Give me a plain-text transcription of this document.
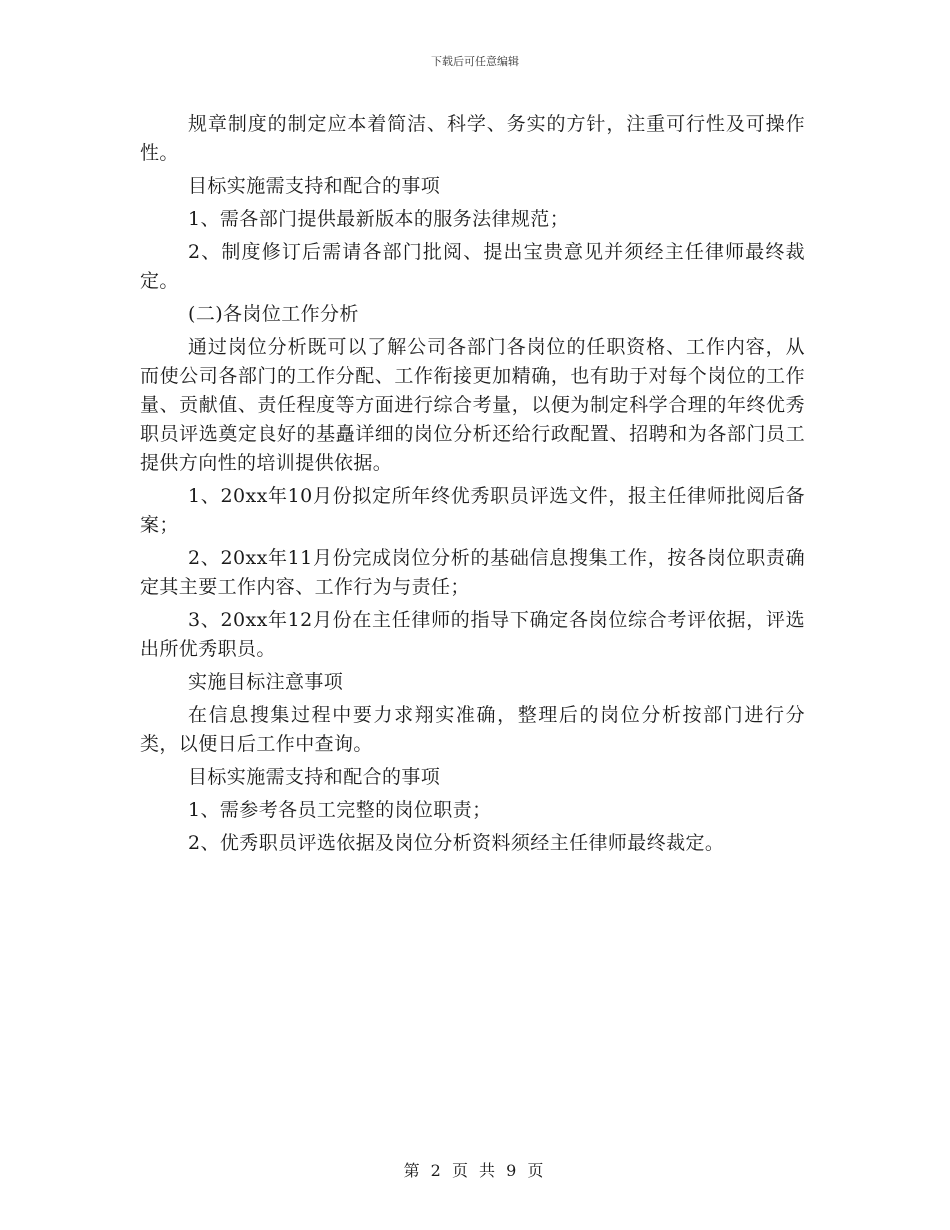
下载后可任意编辑

规章制度的制定应本着简洁、科学、务实的方针，注重可行性及可操作性。

目标实施需支持和配合的事项

1、需各部门提供最新版本的服务法律规范；

2、制度修订后需请各部门批阅、提出宝贵意见并须经主任律师最终裁定。

(二)各岗位工作分析

通过岗位分析既可以了解公司各部门各岗位的任职资格、工作内容，从而使公司各部门的工作分配、工作衔接更加精确，也有助于对每个岗位的工作量、贡献值、责任程度等方面进行综合考量，以便为制定科学合理的年终优秀职员评选奠定良好的基矗详细的岗位分析还给行政配置、招聘和为各部门员工提供方向性的培训提供依据。

1、20xx年10月份拟定所年终优秀职员评选文件，报主任律师批阅后备案；

2、20xx年11月份完成岗位分析的基础信息搜集工作，按各岗位职责确定其主要工作内容、工作行为与责任；

3、20xx年12月份在主任律师的指导下确定各岗位综合考评依据，评选出所优秀职员。

实施目标注意事项

在信息搜集过程中要力求翔实准确，整理后的岗位分析按部门进行分类，以便日后工作中查询。

目标实施需支持和配合的事项

1、需参考各员工完整的岗位职责；

2、优秀职员评选依据及岗位分析资料须经主任律师最终裁定。

第 2 页 共 9 页
